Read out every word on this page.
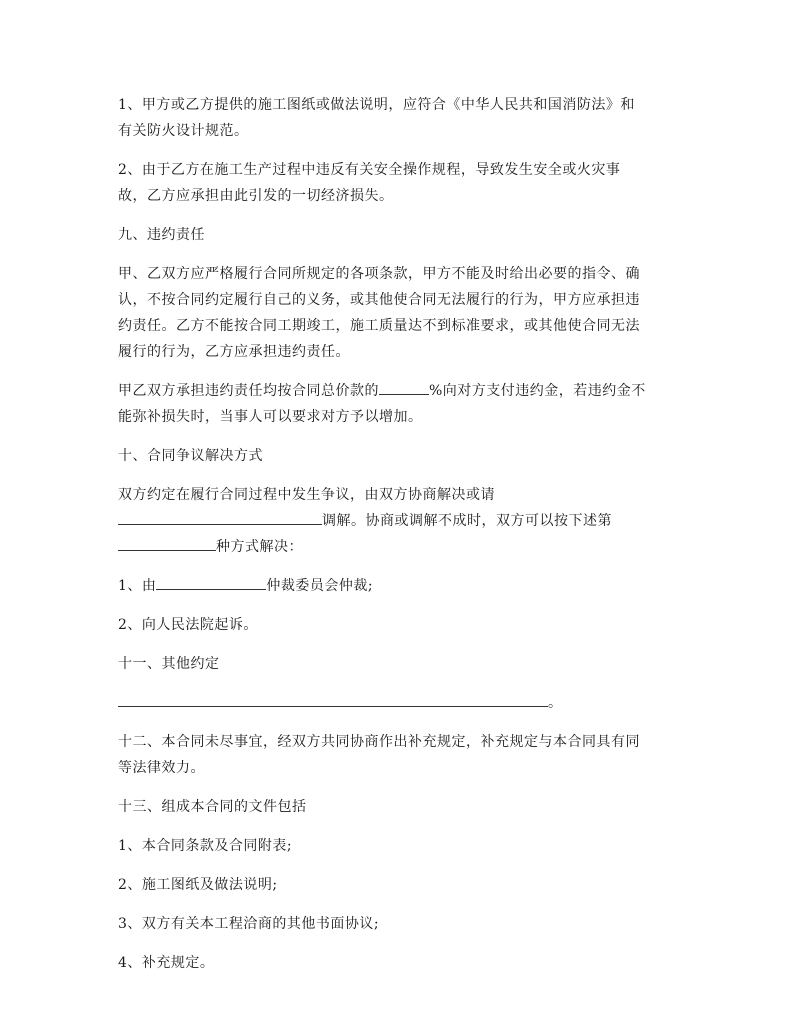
1、甲方或乙方提供的施工图纸或做法说明，应符合《中华人民共和国消防法》和
有关防火设计规范。

2、由于乙方在施工生产过程中违反有关安全操作规程，导致发生安全或火灾事
故，乙方应承担由此引发的一切经济损失。

九、违约责任

甲、乙双方应严格履行合同所规定的各项条款，甲方不能及时给出必要的指令、确
认，不按合同约定履行自己的义务，或其他使合同无法履行的行为，甲方应承担违
约责任。乙方不能按合同工期竣工，施工质量达不到标准要求，或其他使合同无法
履行的行为，乙方应承担违约责任。

甲乙双方承担违约责任均按合同总价款的	%向对方支付违约金，若违约金不
能弥补损失时，当事人可以要求对方予以增加。

十、合同争议解决方式

双方约定在履行合同过程中发生争议，由双方协商解决或请
调解。协商或调解不成时，双方可以按下述第
种方式解决：

1、由	仲裁委员会仲裁;

2、向人民法院起诉。

十一、其他约定

。

十二、本合同未尽事宜，经双方共同协商作出补充规定，补充规定与本合同具有同
等法律效力。

十三、组成本合同的文件包括

1、本合同条款及合同附表;

2、施工图纸及做法说明;

3、双方有关本工程洽商的其他书面协议;

4、补充规定。
